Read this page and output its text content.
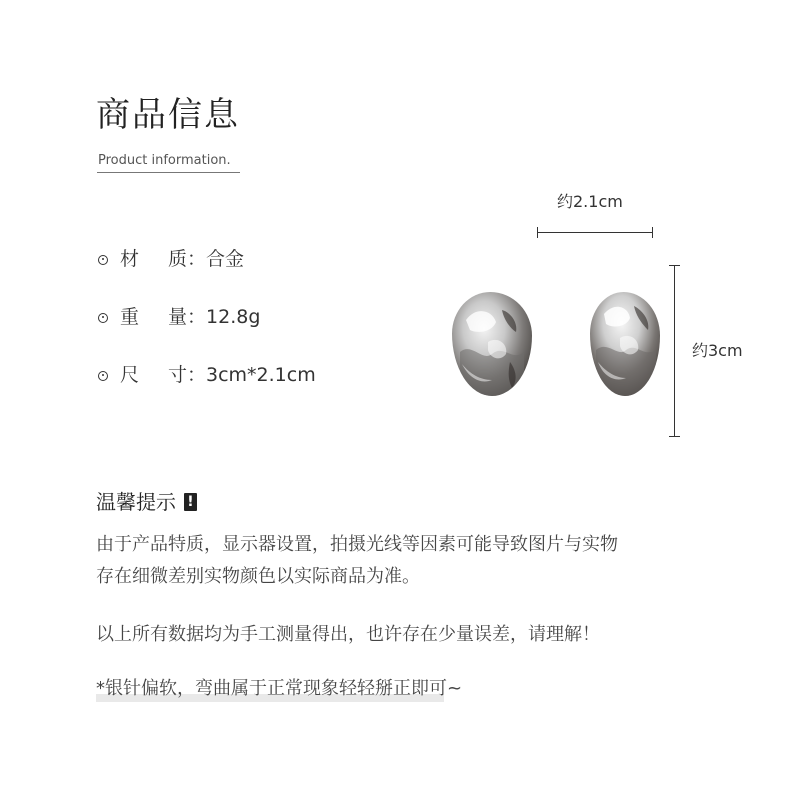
商品信息
Product information.
材	质： 合金
重	量： 12.8g
尺	寸： 3cm*2.1cm
约2.1cm
约3cm
温馨提示 !
由于产品特质，显示器设置，拍摄光线等因素可能导致图片与实物
存在细微差别实物颜色以实际商品为准。
以上所有数据均为手工测量得出，也许存在少量误差，请理解！
*银针偏软，弯曲属于正常现象轻轻掰正即可~
